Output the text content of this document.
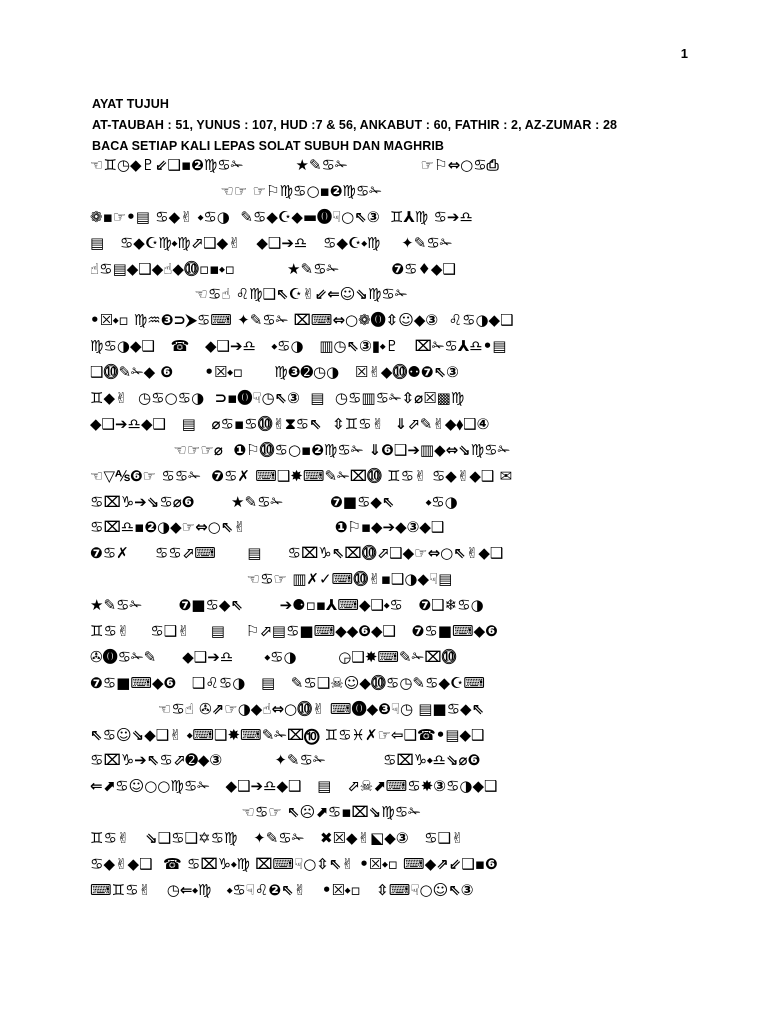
1
AYAT TUJUH
AT-TAUBAH : 51, YUNUS : 107, HUD :7 & 56, ANKABUT : 60, FATHIR : 2, AZ-ZUMAR : 28
BACA SETIAP KALI LEPAS SOLAT SUBUH DAN MAGHRIB
☜♊◷◆♇⇙❑▪❷♍♋✁          ★✎♋✁              ☞⚐⇔○♋⎙
☜☞ ☞⚐♍♋○▪❷♍♋✁
❁▪☞•▤ ♋◆✌ ⬩♋◑  ✎♋◆☪◆▬⓿☟○⇖③  ♊⅄♍ ♋➔♎
▤   ♋◆☪♍⬩♍⬀❑◆✌   ◆❑➔♎   ♋◆☪⬩♍    ✦✎♋✁
☝♋▤◆❑◆☝◆⓾▫▪⬩▫          ★✎♋✁          ❼♋♦◆❑
☜♋☝ ♌♍❑⇖☪✌⇙⇐☺⇘♍♋✁
•☒⬩▫ ♍♒❸⊃⮞♋⌨ ✦✎♋✁ ⌧⌨⇔○❁⓿⇳☺◆③  ♌♋◑◆❑
♍♋◑◆❑   ☎   ◆❑➔♎   ⬩♋◑   ▥◷⇖③▮⬩♇   ⌧✁♋⅄♎•▤
❑⓾✎✁◆ ❻      •☒⬩▫      ♍❸➋◷◑   ☒✌◆⓾⚉❼⇖③
♊◆✌  ◷♋○♋◑  ⊃▪⓿☟◷⇖③  ▤  ◷♋▥♋✁⇳⌀☒▩♍
◆❑➔♎◆❑   ▤   ⌀♋▪♋⓾✌⧗♋⇖  ⇳♊♋✌  ⇓⬀✎✌◆⬧❑④
☜☞☞⌀  ❶⚐⓾♋○▪❷♍♋✁ ⇓❻❑➔▥◆⇔⇘♍♋✁
☜▽⅍❻☞ ♋♋✁  ❼♋✗ ⌨❑✸⌨✎✁⌧⓾ ♊♋✌ ♋◆✌◆❑ ✉
♋⌧♑➔⇘♋⌀❻       ★✎♋✁         ❼■♋◆⇖      ⬩♋◑
♋⌧♎▪❷◑◆☞⇔○⇖✌                 ❶⚐▪◆➔◆③◆❑
❼♋✗     ♋♋⬀⌨      ▤     ♋⌧♑⇖⌧⓾⬀❑◆☞⇔○⇖✌◆❑
☜♋☞ ▥✗✓⌨⓾✌▪❑◑◆☟▤
★✎♋✁       ❼■♋◆⇖       ➔⚈▫▪⅄⌨◆❑⬩♋   ❼❑❄♋◑
♊♋✌    ♋❑✌    ▤    ⚐⬀▤♋■⌨◆◆❻◆❑   ❼♋■⌨◆❻
✇⓿♋✁✎     ◆❑➔♎      ⬩♋◑        ◶❑✸⌨✎✁⌧⓾
❼♋■⌨◆❻   ❑♌♋◑   ▤   ✎♋❑☠☺◆⓾♋◷✎♋◆☪⌨
☜♋☝ ✇⇗☞◑◆☝⇔○⓾✌ ⌨⓿◆❸☟◷ ▤■♋◆⇖
⇖♋☺⇘◆❑✌ ⬩⌨❑✸⌨✎✁⌧⓾ ♊♋♓✗☞⇦❑☎•▤◆❑
♋⌧♑➔⇖♋⬀➋◆③          ✦✎♋✁           ♋⌧♑⬩♎⇘⌀❻
⇐⬈♋☺○○♍♋✁   ◆❑➔♎◆❑   ▤   ⬀☠⬈⌨♋✸③♋◑◆❑
☜♋☞ ⇖☹⬈♋▪⌧⇘♍♋✁
♊♋✌   ⇘❑♋❑✡♋♍   ✦✎♋✁   ✖☒◆✌⬕◆③   ♋❑✌
♋◆✌◆❑  ☎ ♋⌧♑⬩♍ ⌧⌨☟○⇳⇖✌ •☒⬩▫ ⌨◆⇗⇙❑▪❻
⌨♊♋✌   ◷⇐⬩♍   ⬩♋☟♌❷⇖✌   •☒⬩▫   ⇳⌨☟○☺⇖③
